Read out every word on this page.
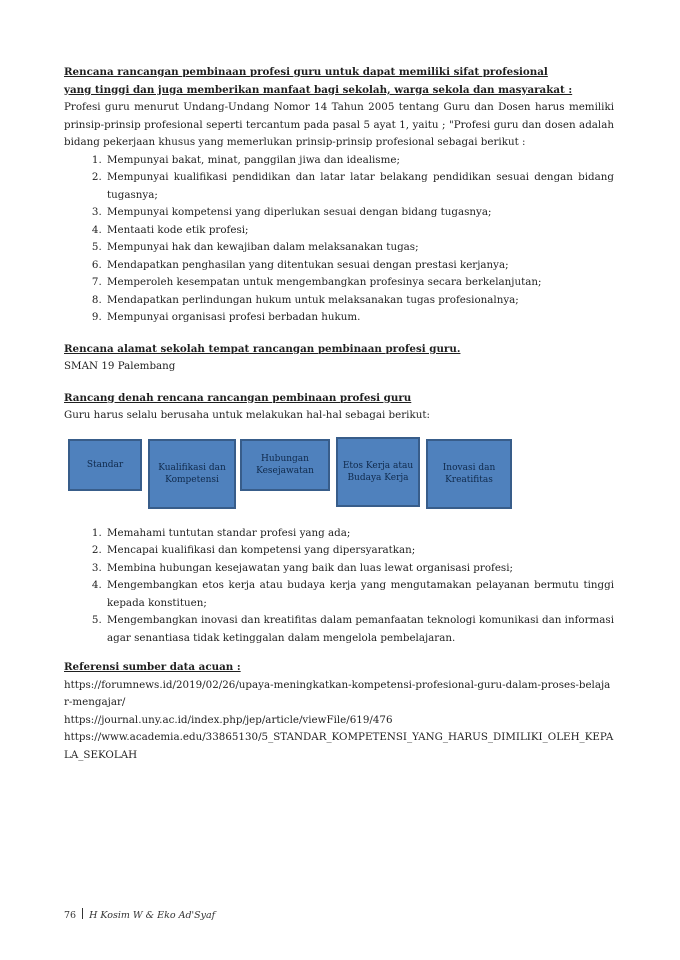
Rencana rancangan pembinaan profesi guru untuk dapat memiliki sifat profesional
yang tinggi dan juga memberikan manfaat bagi sekolah, warga sekola dan masyarakat :
Profesi guru menurut Undang-Undang Nomor 14 Tahun 2005 tentang Guru dan Dosen harus memiliki prinsip-prinsip profesional seperti tercantum pada pasal 5 ayat 1, yaitu ; "Profesi guru dan dosen adalah bidang pekerjaan khusus yang memerlukan prinsip-prinsip profesional sebagai berikut :
1. Mempunyai bakat, minat, panggilan jiwa dan idealisme;
2. Mempunyai kualifikasi pendidikan dan latar latar belakang pendidikan sesuai dengan bidang tugasnya;
3. Mempunyai kompetensi yang diperlukan sesuai dengan bidang tugasnya;
4. Mentaati kode etik profesi;
5. Mempunyai hak dan kewajiban dalam melaksanakan tugas;
6. Mendapatkan penghasilan yang ditentukan sesuai dengan prestasi kerjanya;
7. Memperoleh kesempatan untuk mengembangkan profesinya secara berkelanjutan;
8. Mendapatkan perlindungan hukum untuk melaksanakan tugas profesionalnya;
9. Mempunyai organisasi profesi berbadan hukum.
Rencana alamat sekolah tempat rancangan pembinaan profesi guru.
SMAN 19 Palembang
Rancang denah rencana rancangan pembinaan profesi guru
Guru harus selalu berusaha untuk melakukan hal-hal sebagai berikut:
Standar	Kualifikasi dan Kompetensi
Hubungan Kesejawatan	Etos Kerja atau Budaya Kerja
Inovasi dan Kreatifitas
1. Memahami tuntutan standar profesi yang ada;
2. Mencapai kualifikasi dan kompetensi yang dipersyaratkan;
3. Membina hubungan kesejawatan yang baik dan luas lewat organisasi profesi;
4. Mengembangkan etos kerja atau budaya kerja yang mengutamakan pelayanan bermutu tinggi kepada konstituen;
5. Mengembangkan inovasi dan kreatifitas dalam pemanfaatan teknologi komunikasi dan informasi agar senantiasa tidak ketinggalan dalam mengelola pembelajaran.
Referensi sumber data acuan :
https://forumnews.id/2019/02/26/upaya-meningkatkan-kompetensi-profesional-guru-dalam-proses-belajar-mengajar/
https://journal.uny.ac.id/index.php/jep/article/viewFile/619/476
https://www.academia.edu/33865130/5_STANDAR_KOMPETENSI_YANG_HARUS_DIMILIKI_OLEH_KEPALA_SEKOLAH
76 H Kosim W & Eko Ad'Syaf
